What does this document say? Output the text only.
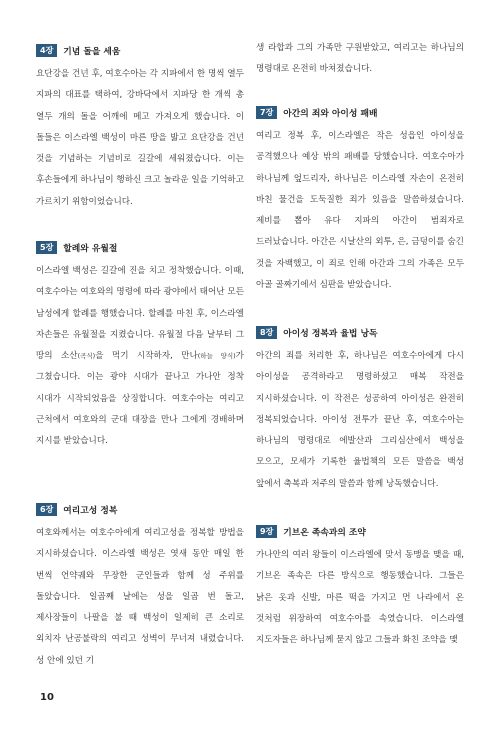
4장	기념 돌을 세움

요단강을 건넌 후, 여호수아는 각 지파에서 한 명씩 열두 지파의 대표를 택하여, 강바닥에서 지파당 한 개씩 총 열두 개의 돌을 어깨에 메고 가져오게 했습니다. 이 돌들은 이스라엘 백성이 마른 땅을 밟고 요단강을 건넌 것을 기념하는 기념비로 길갈에 세워졌습니다. 이는 후손들에게 하나님이 행하신 크고 놀라운 일을 기억하고 가르치기 위함이었습니다.

5장	할례와 유월절

이스라엘 백성은 길갈에 진을 치고 정착했습니다. 이때, 여호수아는 여호와의 명령에 따라 광야에서 태어난 모든 남성에게 할례를 행했습니다. 할례를 마친 후, 이스라엘 자손들은 유월절을 지켰습니다. 유월절 다음 날부터 그 땅의 소산(곡식)을 먹기 시작하자, 만나(하늘 양식)가 그쳤습니다. 이는 광야 시대가 끝나고 가나안 정착 시대가 시작되었음을 상징합니다. 여호수아는 여리고 근처에서 여호와의 군대 대장을 만나 그에게 경배하며 지시를 받았습니다.

6장	여리고성 정복

여호와께서는 여호수아에게 여리고성을 정복할 방법을 지시하셨습니다. 이스라엘 백성은 엿새 동안 매일 한 번씩 언약궤와 무장한 군인들과 함께 성 주위를 돌았습니다. 일곱째 날에는 성을 일곱 번 돌고, 제사장들이 나팔을 불 때 백성이 일제히 큰 소리로 외치자 난공불락의 여리고 성벽이 무너져 내렸습니다. 성 안에 있던 기

생 라합과 그의 가족만 구원받았고, 여리고는 하나님의 명령대로 온전히 바쳐졌습니다.

7장	아간의 죄와 아이성 패배

여리고 정복 후, 이스라엘은 작은 성읍인 아이성을 공격했으나 예상 밖의 패배를 당했습니다. 여호수아가 하나님께 엎드리자, 하나님은 이스라엘 자손이 온전히 바친 물건을 도둑질한 죄가 있음을 말씀하셨습니다. 제비를 뽑아 유다 지파의 아간이 범죄자로 드러났습니다. 아간은 시날산의 외투, 은, 금덩이를 숨긴 것을 자백했고, 이 죄로 인해 아간과 그의 가족은 모두 아골 골짜기에서 심판을 받았습니다.

8장	아이성 정복과 율법 낭독

아간의 죄를 처리한 후, 하나님은 여호수아에게 다시 아이성을 공격하라고 명령하셨고 매복 작전을 지시하셨습니다. 이 작전은 성공하여 아이성은 완전히 정복되었습니다. 아이성 전투가 끝난 후, 여호수아는 하나님의 명령대로 에발산과 그리심산에서 백성을 모으고, 모세가 기록한 율법책의 모든 말씀을 백성 앞에서 축복과 저주의 말씀과 함께 낭독했습니다.

9장	기브온 족속과의 조약

가나안의 여러 왕들이 이스라엘에 맞서 동맹을 맺을 때, 기브온 족속은 다른 방식으로 행동했습니다. 그들은 낡은 옷과 신발, 마른 떡을 가지고 먼 나라에서 온 것처럼 위장하여 여호수아를 속였습니다. 이스라엘 지도자들은 하나님께 묻지 않고 그들과 화친 조약을 맺

10
